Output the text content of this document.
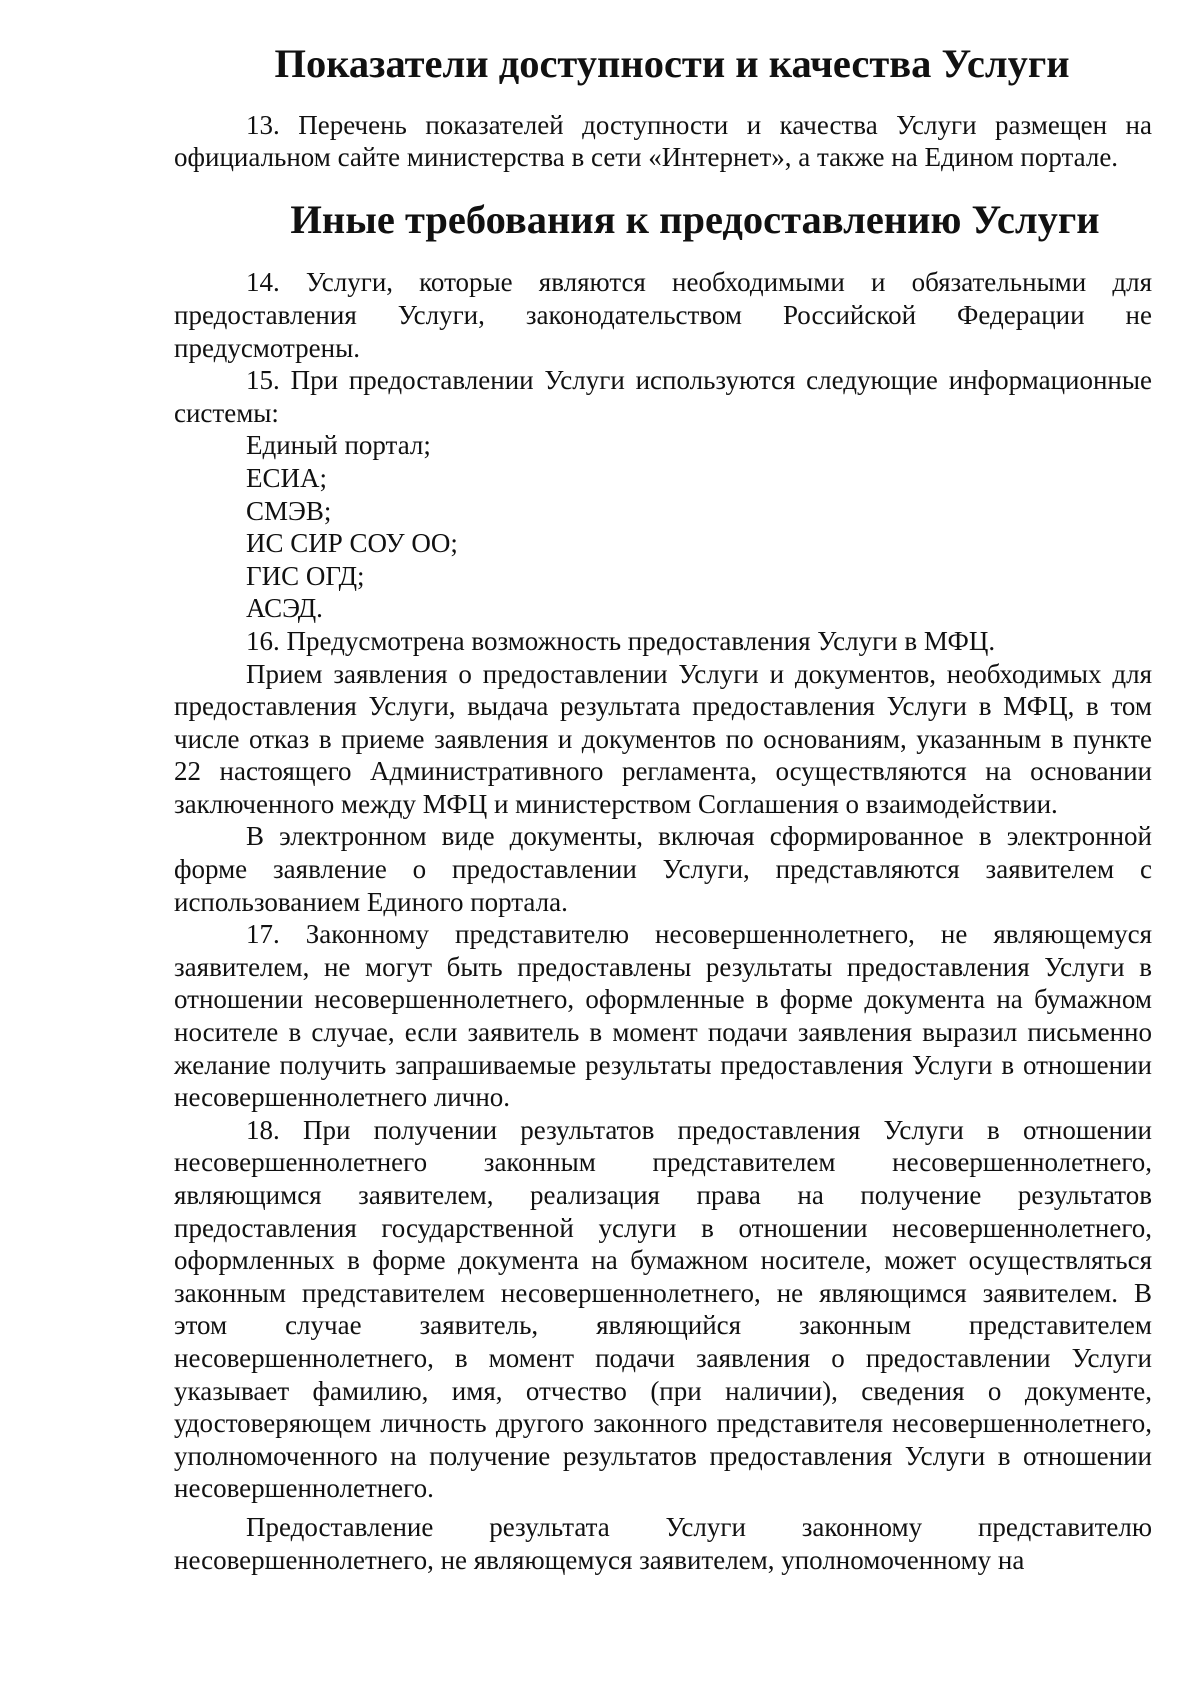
Показатели доступности и качества Услуги

13. Перечень показателей доступности и качества Услуги размещен на официальном сайте министерства в сети «Интернет», а также на Едином портале.

Иные требования к предоставлению Услуги

14. Услуги, которые являются необходимыми и обязательными для предоставления Услуги, законодательством Российской Федерации не предусмотрены.

15. При предоставлении Услуги используются следующие информационные системы:

Единый портал;

ЕСИА;

СМЭВ;

ИС СИР СОУ ОО;

ГИС ОГД;

АСЭД.

16. Предусмотрена возможность предоставления Услуги в МФЦ.

Прием заявления о предоставлении Услуги и документов, необходимых для предоставления Услуги, выдача результата предоставления Услуги в МФЦ, в том числе отказ в приеме заявления и документов по основаниям, указанным в пункте 22 настоящего Административного регламента, осуществляются на основании заключенного между МФЦ и министерством Соглашения о взаимодействии.

В электронном виде документы, включая сформированное в электронной форме заявление о предоставлении Услуги, представляются заявителем с использованием Единого портала.

17. Законному представителю несовершеннолетнего, не являющемуся заявителем, не могут быть предоставлены результаты предоставления Услуги в отношении несовершеннолетнего, оформленные в форме документа на бумажном носителе в случае, если заявитель в момент подачи заявления выразил письменно желание получить запрашиваемые результаты предоставления Услуги в отношении несовершеннолетнего лично.

18. При получении результатов предоставления Услуги в отношении несовершеннолетнего законным представителем несовершеннолетнего, являющимся заявителем, реализация права на получение результатов предоставления государственной услуги в отношении несовершеннолетнего, оформленных в форме документа на бумажном носителе, может осуществляться законным представителем несовершеннолетнего, не являющимся заявителем. В этом случае заявитель, являющийся законным представителем несовершеннолетнего, в момент подачи заявления о предоставлении Услуги указывает фамилию, имя, отчество (при наличии), сведения о документе, удостоверяющем личность другого законного представителя несовершеннолетнего, уполномоченного на получение результатов предоставления Услуги в отношении несовершеннолетнего.

Предоставление результата Услуги законному представителю несовершеннолетнего, не являющемуся заявителем, уполномоченному на
